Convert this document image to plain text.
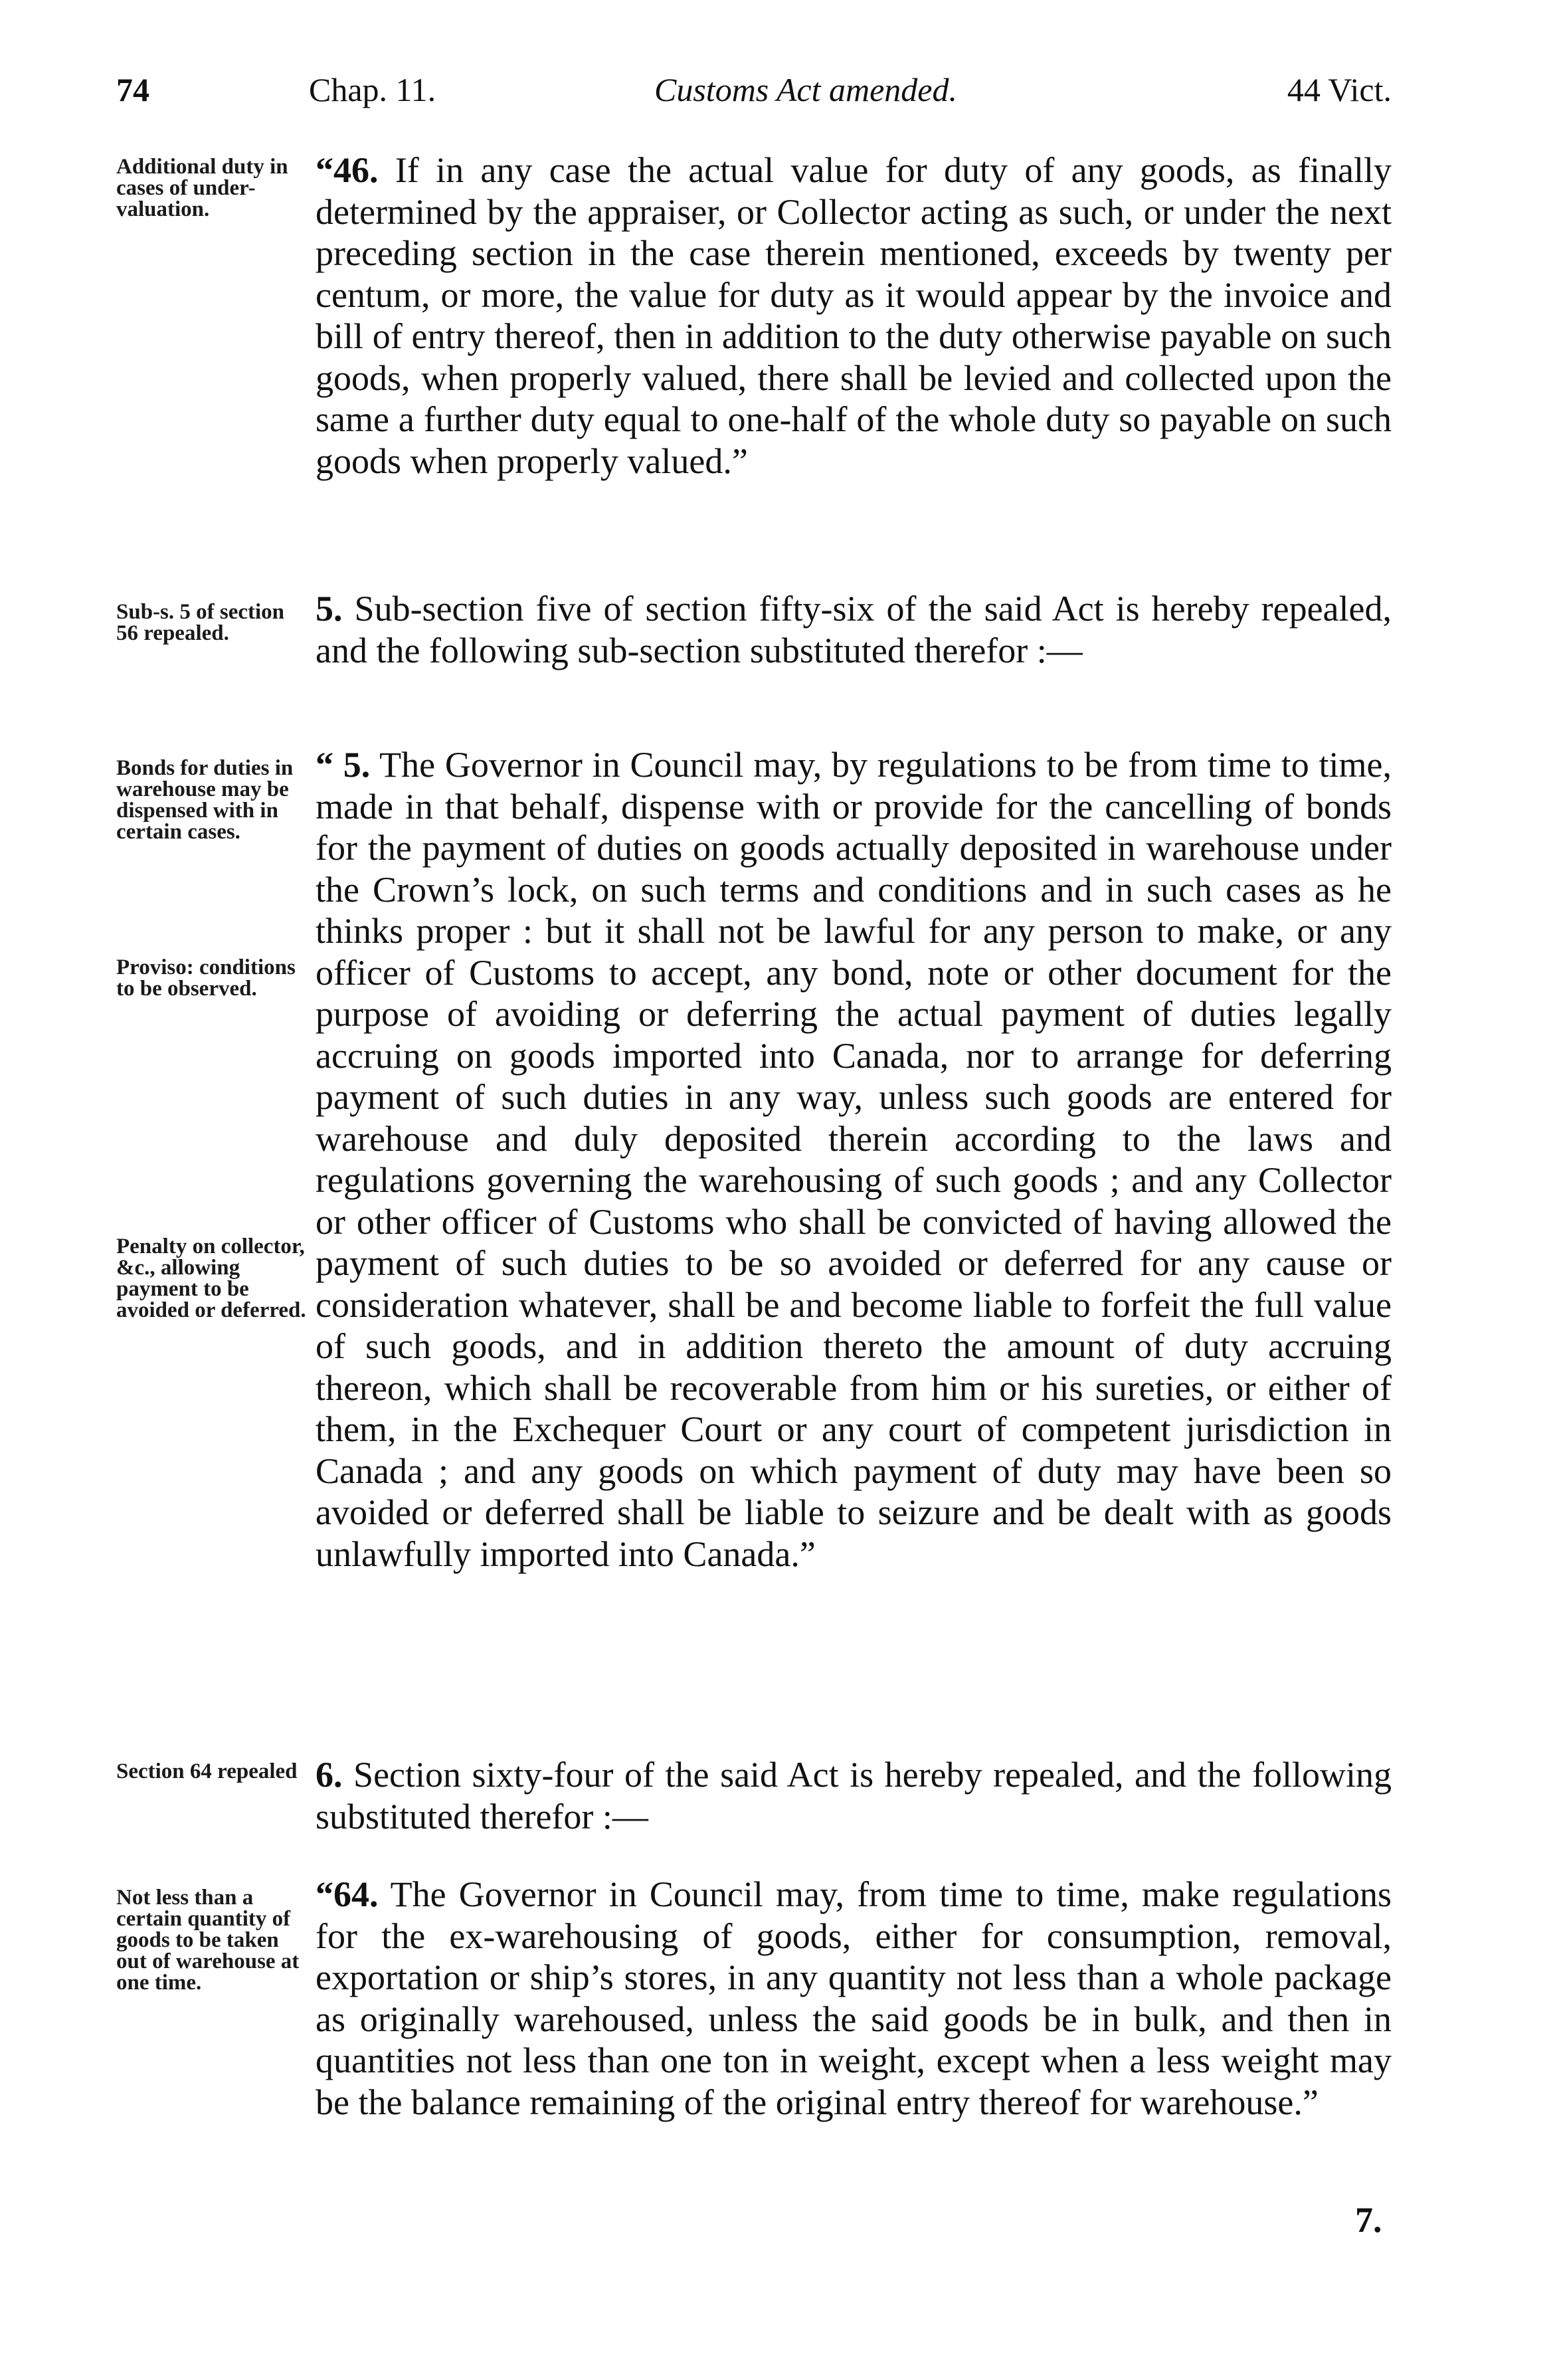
74	Chap. 11.	Customs Act amended.	44 Vict.
Additional duty in cases of under-valuation.

“46. If in any case the actual value for duty of any goods, as finally determined by the appraiser, or Collector acting as such, or under the next preceding section in the case therein mentioned, exceeds by twenty per centum, or more, the value for duty as it would appear by the invoice and bill of entry thereof, then in addition to the duty otherwise payable on such goods, when properly valued, there shall be levied and collected upon the same a further duty equal to one-half of the whole duty so payable on such goods when properly valued.”

Sub-s. 5 of section 56 repealed.

5. Sub-section five of section fifty-six of the said Act is hereby repealed, and the following sub-section substituted therefor :—

Bonds for duties in warehouse may be dispensed with in certain cases.
Proviso: conditions to be observed.
Penalty on collector, &c., allowing payment to be avoided or deferred.

“ 5. The Governor in Council may, by regulations to be from time to time, made in that behalf, dispense with or provide for the cancelling of bonds for the payment of duties on goods actually deposited in warehouse under the Crown’s lock, on such terms and conditions and in such cases as he thinks proper : but it shall not be lawful for any person to make, or any officer of Customs to accept, any bond, note or other document for the purpose of avoiding or deferring the actual payment of duties legally accruing on goods imported into Canada, nor to arrange for deferring payment of such duties in any way, unless such goods are entered for warehouse and duly deposited therein according to the laws and regulations governing the warehousing of such goods ; and any Collector or other officer of Customs who shall be convicted of having allowed the payment of such duties to be so avoided or deferred for any cause or consideration whatever, shall be and become liable to forfeit the full value of such goods, and in addition thereto the amount of duty accruing thereon, which shall be recoverable from him or his sureties, or either of them, in the Exchequer Court or any court of competent jurisdiction in Canada ; and any goods on which payment of duty may have been so avoided or deferred shall be liable to seizure and be dealt with as goods unlawfully imported into Canada.”

Section 64 repealed 6. Section sixty-four of the said Act is hereby repealed, and the following substituted therefor :—

Not less than a certain quantity of goods to be taken out of warehouse at one time.

“64. The Governor in Council may, from time to time, make regulations for the ex-warehousing of goods, either for consumption, removal, exportation or ship’s stores, in any quantity not less than a whole package as originally warehoused, unless the said goods be in bulk, and then in quantities not less than one ton in weight, except when a less weight may be the balance remaining of the original entry thereof for warehouse.”

7.
